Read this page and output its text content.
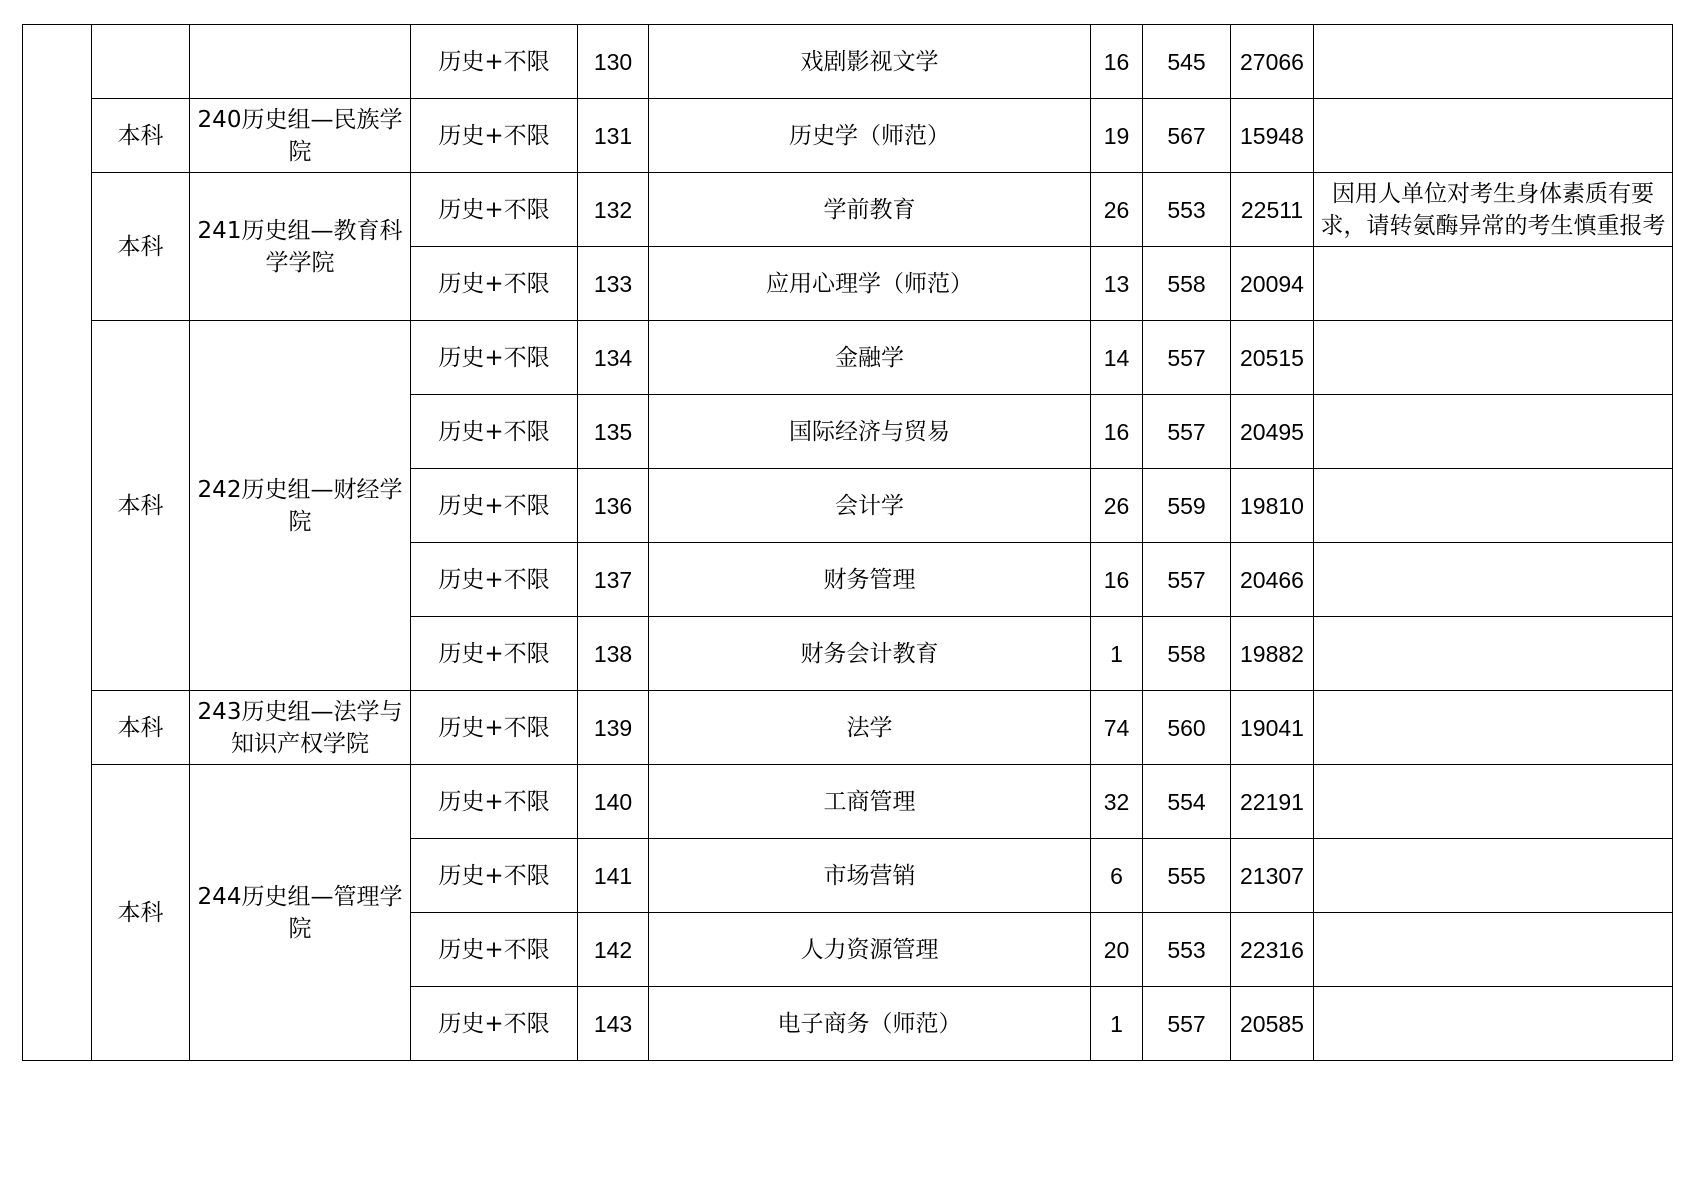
			历史+不限	130	戏剧影视文学	16	545	27066	
	本科	240历史组—民族学院	历史+不限	131	历史学（师范）	19	567	15948	
	本科	241历史组—教育科学学院	历史+不限	132	学前教育	26	553	22511	因用人单位对考生身体素质有要
求，请转氨酶异常的考生慎重报考

			历史+不限	133	应用心理学（师范）	13	558	20094	
	本科	242历史组—财经学院	历史+不限	134	金融学	14	557	20515	
			历史+不限	135	国际经济与贸易	16	557	20495	
			历史+不限	136	会计学	26	559	19810	
			历史+不限	137	财务管理	16	557	20466	
			历史+不限	138	财务会计教育	1	558	19882	
	本科	243历史组—法学与知识产权学院	历史+不限	139	法学	74	560	19041	
	本科	244历史组—管理学院	历史+不限	140	工商管理	32	554	22191	
			历史+不限	141	市场营销	6	555	21307	
			历史+不限	142	人力资源管理	20	553	22316	
			历史+不限	143	电子商务（师范）	1	557	20585	
